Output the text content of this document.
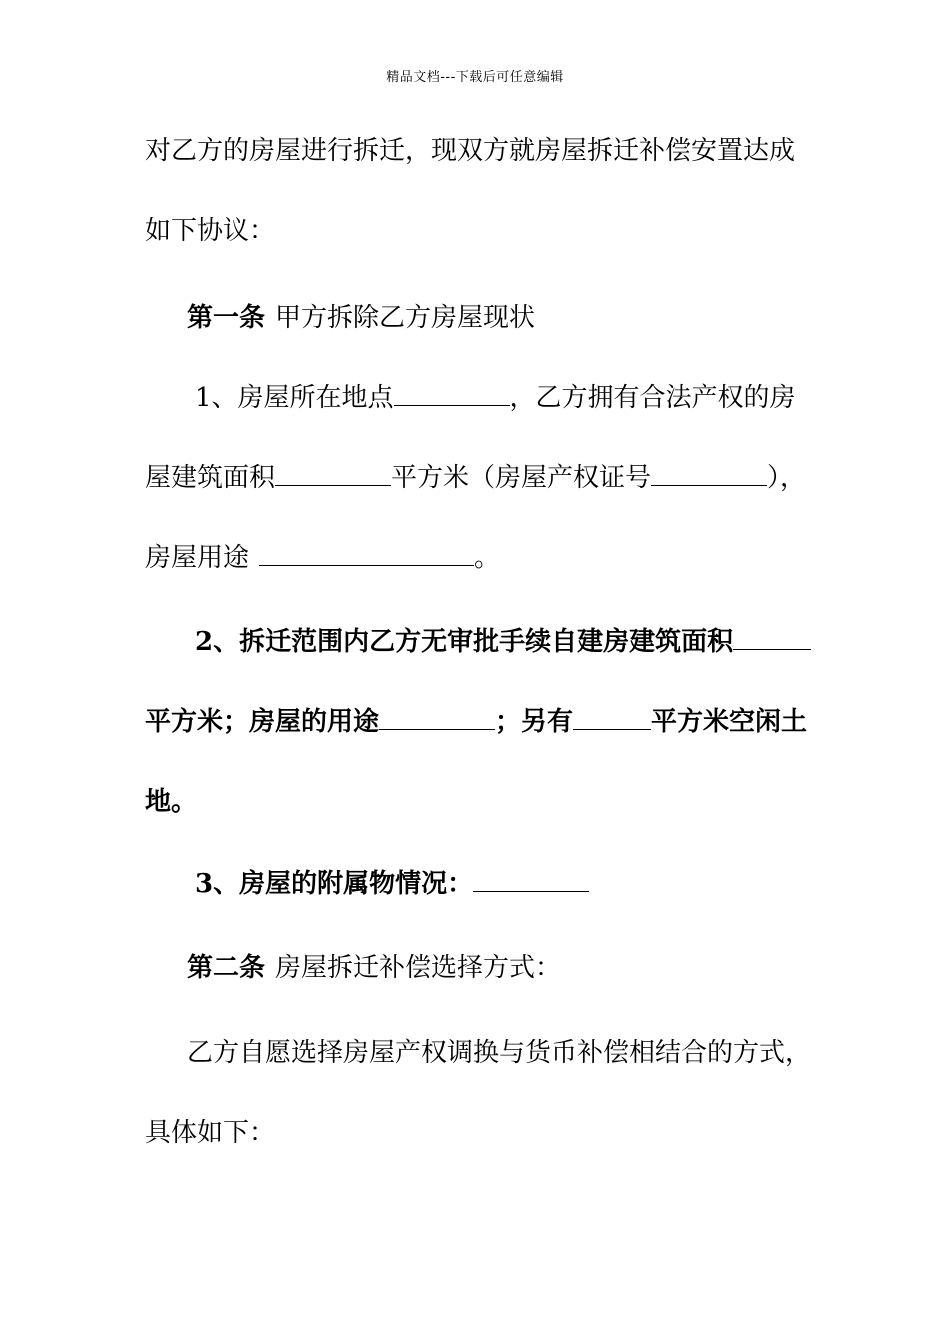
精品文档---下载后可任意编辑
对乙方的房屋进行拆迁，现双方就房屋拆迁补偿安置达成
如下协议：
第一条 甲方拆除乙方房屋现状
1、房屋所在地点	，乙方拥有合法产权的房
屋建筑面积	平方米（房屋产权证号	），
房屋用途	。
2、拆迁范围内乙方无审批手续自建房建筑面积
平方米；房屋的用途	；另有	平方米空闲土
地。
3、房屋的附属物情况：
第二条 房屋拆迁补偿选择方式：
乙方自愿选择房屋产权调换与货币补偿相结合的方式，
具体如下：
